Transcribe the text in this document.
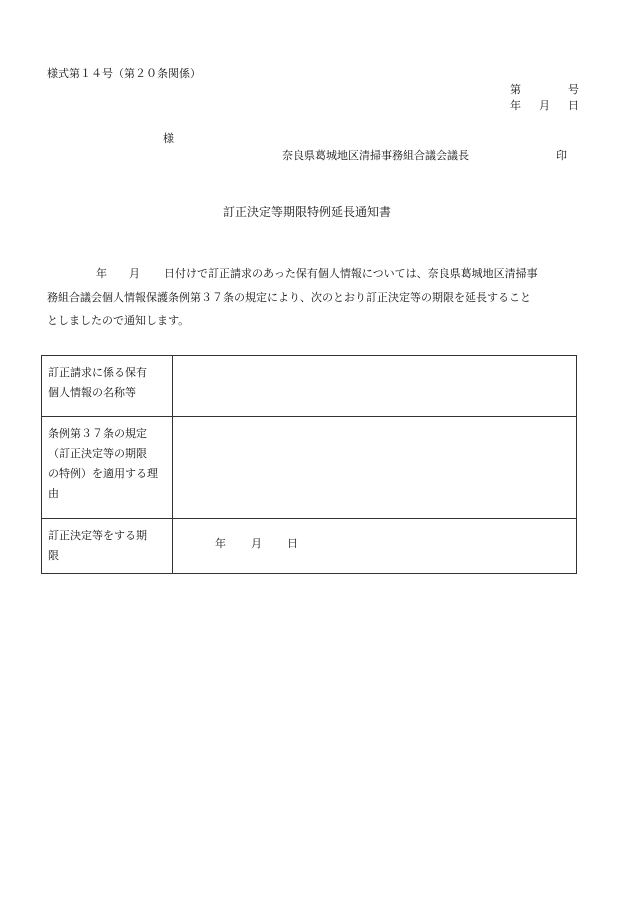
様式第１４号（第２０条関係）
第	号
年 月 日
様
奈良県葛城地区清掃事務組合議会議長	印
訂正決定等期限特例延長通知書
年 月 日付けで訂正請求のあった保有個人情報については、奈良県葛城地区清掃事
務組合議会個人情報保護条例第３７条の規定により、次のとおり訂正決定等の期限を延長すること
としましたので通知します。
訂正請求に係る保有
個人情報の名称等	

条例第３７条の規定
（訂正決定等の期限
の特例）を適用する理
由	

訂正決定等をする期
限	年 月 日
